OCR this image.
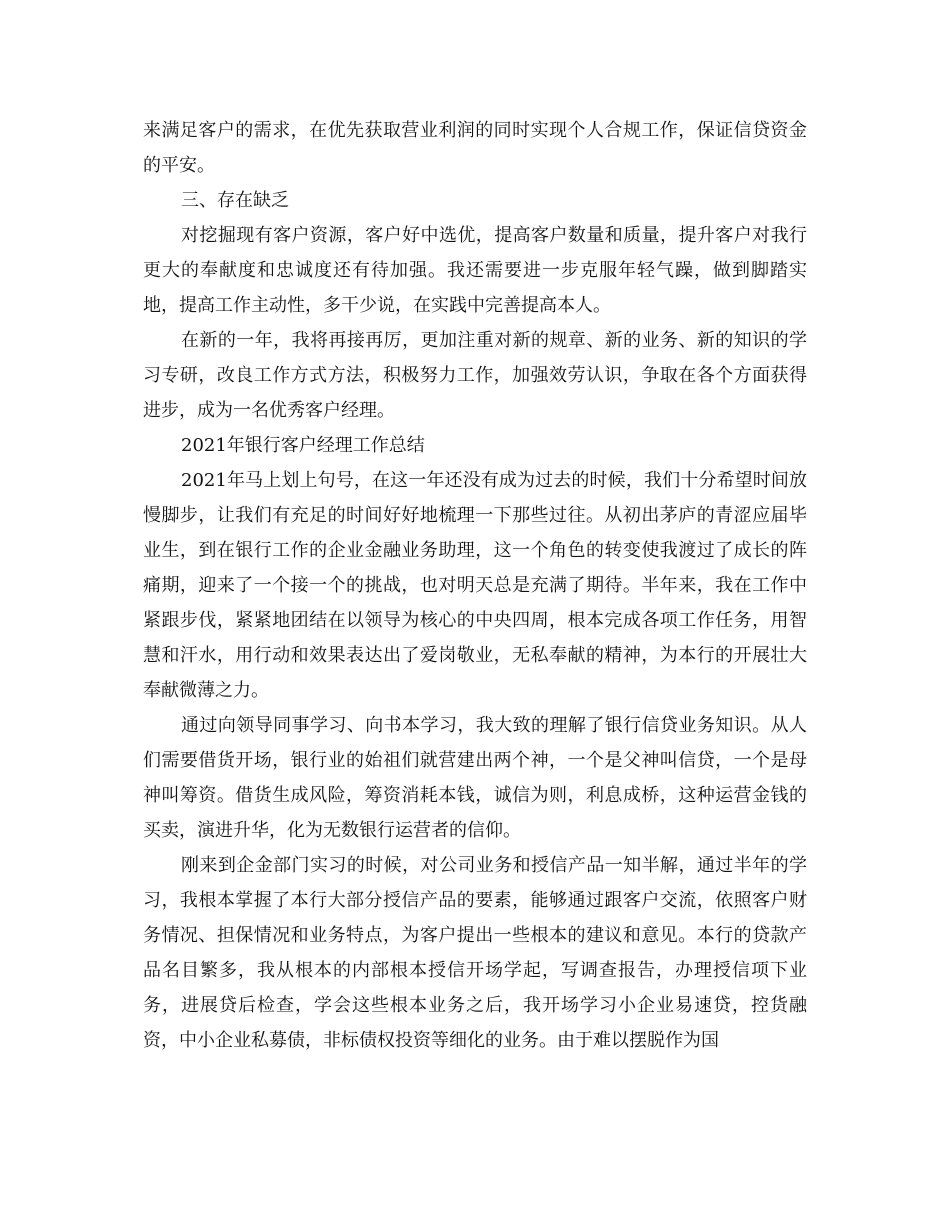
来满足客户的需求，在优先获取营业利润的同时实现个人合规工作，保证信贷资金的平安。

三、存在缺乏

对挖掘现有客户资源，客户好中选优，提高客户数量和质量，提升客户对我行更大的奉献度和忠诚度还有待加强。我还需要进一步克服年轻气躁，做到脚踏实地，提高工作主动性，多干少说，在实践中完善提高本人。

在新的一年，我将再接再厉，更加注重对新的规章、新的业务、新的知识的学习专研，改良工作方式方法，积极努力工作，加强效劳认识，争取在各个方面获得进步，成为一名优秀客户经理。

2021年银行客户经理工作总结

2021年马上划上句号，在这一年还没有成为过去的时候，我们十分希望时间放慢脚步，让我们有充足的时间好好地梳理一下那些过往。从初出茅庐的青涩应届毕业生，到在银行工作的企业金融业务助理，这一个角色的转变使我渡过了成长的阵痛期，迎来了一个接一个的挑战，也对明天总是充满了期待。半年来，我在工作中紧跟步伐，紧紧地团结在以领导为核心的中央四周，根本完成各项工作任务，用智慧和汗水，用行动和效果表达出了爱岗敬业，无私奉献的精神，为本行的开展壮大奉献微薄之力。

通过向领导同事学习、向书本学习，我大致的理解了银行信贷业务知识。从人们需要借货开场，银行业的始祖们就营建出两个神，一个是父神叫信贷，一个是母神叫筹资。借货生成风险，筹资消耗本钱，诚信为则，利息成桥，这种运营金钱的买卖，演进升华，化为无数银行运营者的信仰。

刚来到企金部门实习的时候，对公司业务和授信产品一知半解，通过半年的学习，我根本掌握了本行大部分授信产品的要素，能够通过跟客户交流，依照客户财务情况、担保情况和业务特点，为客户提出一些根本的建议和意见。本行的贷款产品名目繁多，我从根本的内部根本授信开场学起，写调查报告，办理授信项下业务，进展贷后检查，学会这些根本业务之后，我开场学习小企业易速贷，控货融资，中小企业私募债，非标债权投资等细化的业务。由于难以摆脱作为国
